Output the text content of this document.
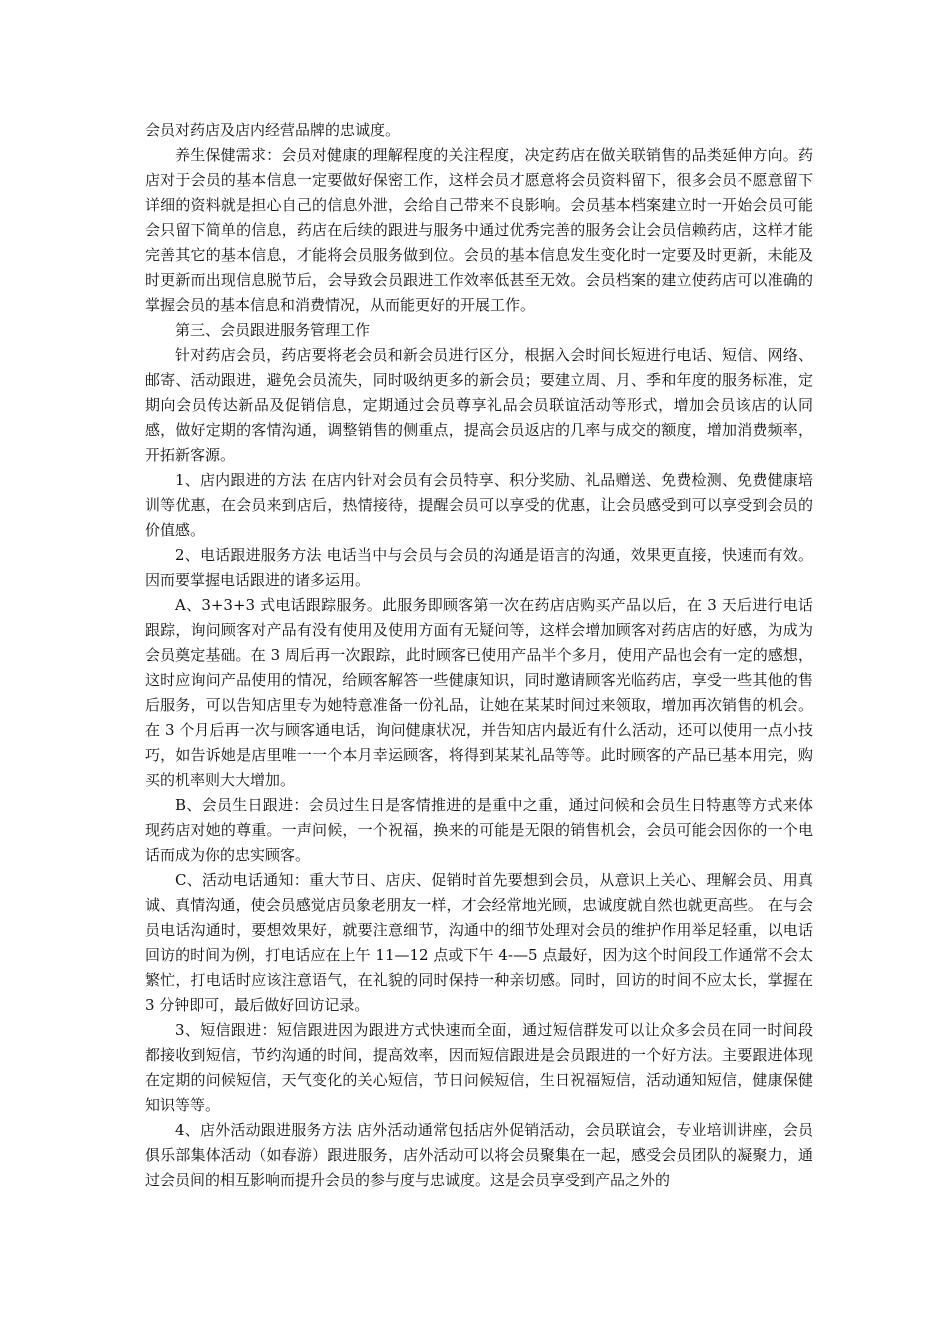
会员对药店及店内经营品牌的忠诚度。

养生保健需求：会员对健康的理解程度的关注程度，决定药店在做关联销售的品类延伸方向。药店对于会员的基本信息一定要做好保密工作，这样会员才愿意将会员资料留下，很多会员不愿意留下详细的资料就是担心自己的信息外泄，会给自己带来不良影响。会员基本档案建立时一开始会员可能会只留下简单的信息，药店在后续的跟进与服务中通过优秀完善的服务会让会员信赖药店，这样才能完善其它的基本信息，才能将会员服务做到位。会员的基本信息发生变化时一定要及时更新，未能及时更新而出现信息脱节后，会导致会员跟进工作效率低甚至无效。会员档案的建立使药店可以准确的掌握会员的基本信息和消费情况，从而能更好的开展工作。

第三、会员跟进服务管理工作

针对药店会员，药店要将老会员和新会员进行区分，根据入会时间长短进行电话、短信、网络、邮寄、活动跟进，避免会员流失，同时吸纳更多的新会员；要建立周、月、季和年度的服务标准，定期向会员传达新品及促销信息，定期通过会员尊享礼品会员联谊活动等形式，增加会员该店的认同感，做好定期的客情沟通，调整销售的侧重点，提高会员返店的几率与成交的额度，增加消费频率，开拓新客源。

1、店内跟进的方法 在店内针对会员有会员特享、积分奖励、礼品赠送、免费检测、免费健康培训等优惠，在会员来到店后，热情接待，提醒会员可以享受的优惠，让会员感受到可以享受到会员的价值感。

2、电话跟进服务方法 电话当中与会员与会员的沟通是语言的沟通，效果更直接，快速而有效。因而要掌握电话跟进的诸多运用。

A、3+3+3 式电话跟踪服务。此服务即顾客第一次在药店店购买产品以后，在 3 天后进行电话跟踪，询问顾客对产品有没有使用及使用方面有无疑问等，这样会增加顾客对药店店的好感，为成为会员奠定基础。在 3 周后再一次跟踪，此时顾客已使用产品半个多月，使用产品也会有一定的感想，这时应询问产品使用的情况，给顾客解答一些健康知识，同时邀请顾客光临药店，享受一些其他的售后服务，可以告知店里专为她特意准备一份礼品，让她在某某时间过来领取，增加再次销售的机会。在 3 个月后再一次与顾客通电话，询问健康状况，并告知店内最近有什么活动，还可以使用一点小技巧，如告诉她是店里唯一一个本月幸运顾客，将得到某某礼品等等。此时顾客的产品已基本用完，购买的机率则大大增加。

B、会员生日跟进：会员过生日是客情推进的是重中之重，通过问候和会员生日特惠等方式来体现药店对她的尊重。一声问候，一个祝福，换来的可能是无限的销售机会，会员可能会因你的一个电话而成为你的忠实顾客。

C、活动电话通知：重大节日、店庆、促销时首先要想到会员，从意识上关心、理解会员、用真诚、真情沟通，使会员感觉店员象老朋友一样，才会经常地光顾，忠诚度就自然也就更高些。 在与会员电话沟通时，要想效果好，就要注意细节，沟通中的细节处理对会员的维护作用举足轻重，以电话回访的时间为例，打电话应在上午 11—12 点或下午 4-—5 点最好，因为这个时间段工作通常不会太繁忙，打电话时应该注意语气，在礼貌的同时保持一种亲切感。同时，回访的时间不应太长，掌握在 3 分钟即可，最后做好回访记录。

3、短信跟进：短信跟进因为跟进方式快速而全面，通过短信群发可以让众多会员在同一时间段都接收到短信，节约沟通的时间，提高效率，因而短信跟进是会员跟进的一个好方法。主要跟进体现在定期的问候短信，天气变化的关心短信，节日问候短信，生日祝福短信，活动通知短信，健康保健知识等等。

4、店外活动跟进服务方法 店外活动通常包括店外促销活动，会员联谊会，专业培训讲座，会员俱乐部集体活动（如春游）跟进服务，店外活动可以将会员聚集在一起，感受会员团队的凝聚力，通过会员间的相互影响而提升会员的参与度与忠诚度。这是会员享受到产品之外的
